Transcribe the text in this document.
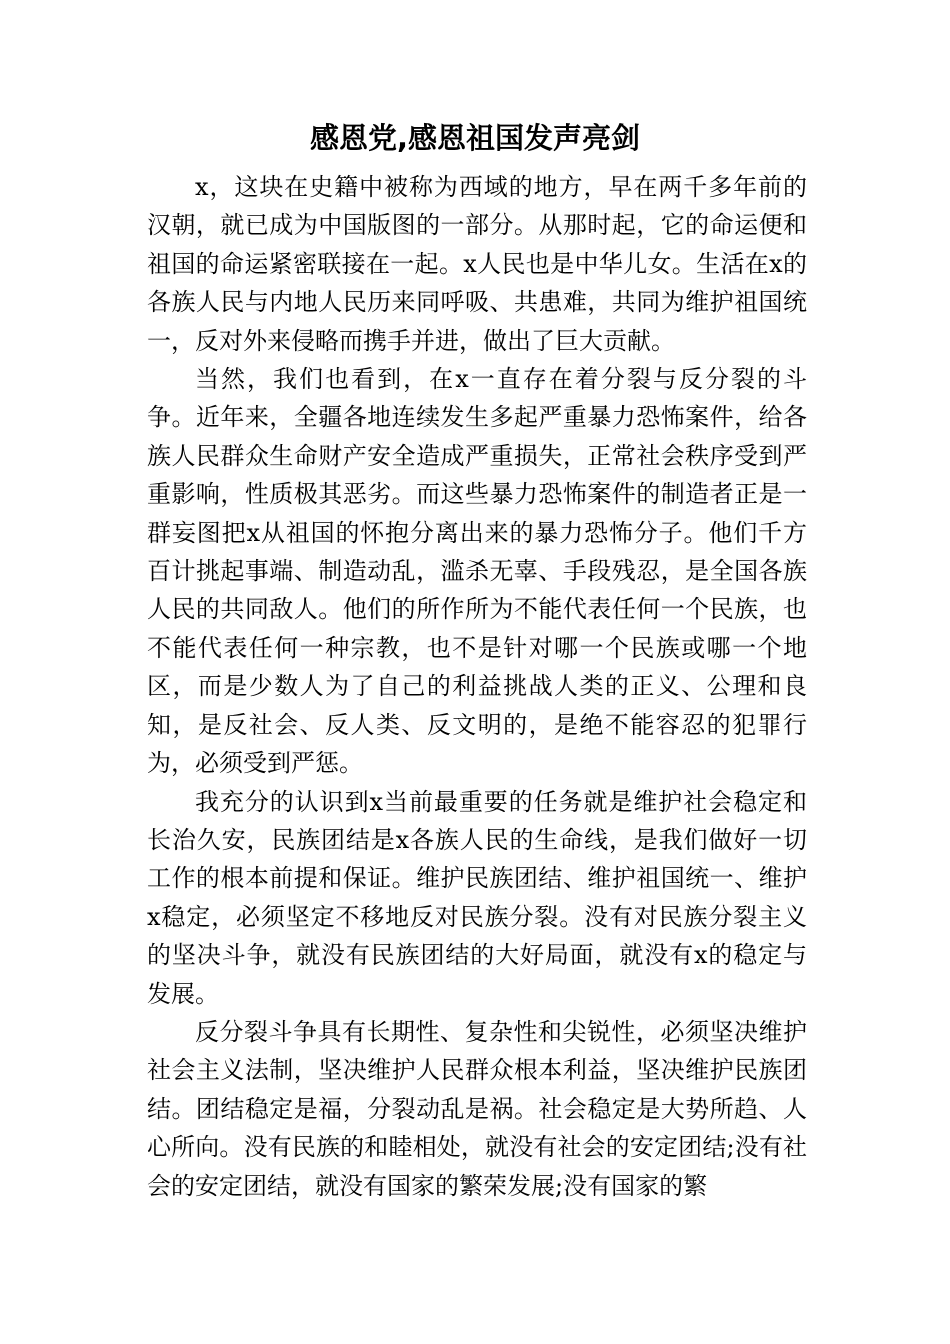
感恩党,感恩祖国发声亮剑

x，这块在史籍中被称为西域的地方，早在两千多年前的汉朝，就已成为中国版图的一部分。从那时起，它的命运便和祖国的命运紧密联接在一起。x人民也是中华儿女。生活在x的各族人民与内地人民历来同呼吸、共患难，共同为维护祖国统一，反对外来侵略而携手并进，做出了巨大贡献。

当然，我们也看到，在x一直存在着分裂与反分裂的斗争。近年来，全疆各地连续发生多起严重暴力恐怖案件，给各族人民群众生命财产安全造成严重损失，正常社会秩序受到严重影响，性质极其恶劣。而这些暴力恐怖案件的制造者正是一群妄图把x从祖国的怀抱分离出来的暴力恐怖分子。他们千方百计挑起事端、制造动乱，滥杀无辜、手段残忍，是全国各族人民的共同敌人。他们的所作所为不能代表任何一个民族，也不能代表任何一种宗教，也不是针对哪一个民族或哪一个地区，而是少数人为了自己的利益挑战人类的正义、公理和良知，是反社会、反人类、反文明的，是绝不能容忍的犯罪行为，必须受到严惩。

我充分的认识到x当前最重要的任务就是维护社会稳定和长治久安，民族团结是x各族人民的生命线，是我们做好一切工作的根本前提和保证。维护民族团结、维护祖国统一、维护x稳定，必须坚定不移地反对民族分裂。没有对民族分裂主义的坚决斗争，就没有民族团结的大好局面，就没有x的稳定与发展。

反分裂斗争具有长期性、复杂性和尖锐性，必须坚决维护社会主义法制，坚决维护人民群众根本利益，坚决维护民族团结。团结稳定是福，分裂动乱是祸。社会稳定是大势所趋、人心所向。没有民族的和睦相处，就没有社会的安定团结;没有社会的安定团结，就没有国家的繁荣发展;没有国家的繁
